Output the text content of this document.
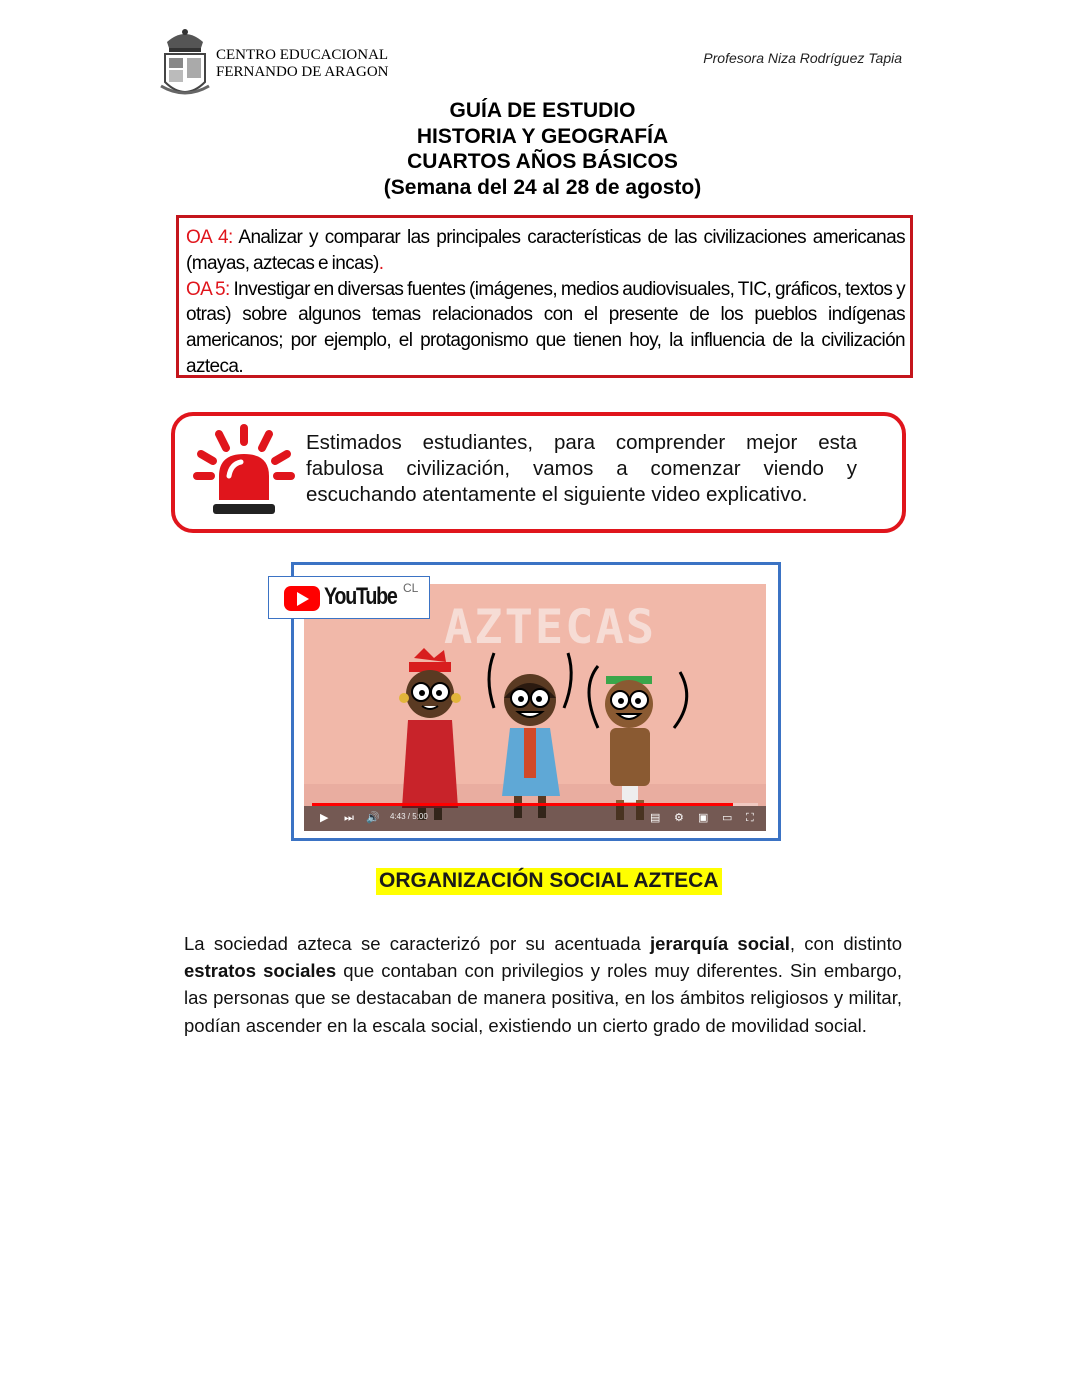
CENTRO EDUCACIONAL
FERNANDO DE ARAGON
Profesora Niza Rodríguez Tapia
GUÍA DE ESTUDIO
HISTORIA Y GEOGRAFÍA
CUARTOS AÑOS BÁSICOS
(Semana del 24 al 28 de agosto)
OA 4: Analizar y comparar las principales características de las civilizaciones americanas (mayas, aztecas e incas).
OA 5: Investigar en diversas fuentes (imágenes, medios audiovisuales, TIC, gráficos, textos y otras) sobre algunos temas relacionados con el presente de los pueblos indígenas americanos; por ejemplo, el protagonismo que tienen hoy, la influencia de la civilización azteca.
Estimados estudiantes, para comprender mejor esta
fabulosa civilización, vamos a comenzar viendo y
escuchando atentamente el siguiente video explicativo.
AZTECAS
▶ ⏭ 🔊 4:43 / 5:00	▤ ⚙ ▣ ▭ ⛶
YouTube CL
ORGANIZACIÓN SOCIAL AZTECA
La sociedad azteca se caracterizó por su acentuada jerarquía social, con distinto estratos sociales que contaban con privilegios y roles muy diferentes. Sin embargo, las personas que se destacaban de manera positiva, en los ámbitos religiosos y militar, podían ascender en la escala social, existiendo un cierto grado de movilidad social.
